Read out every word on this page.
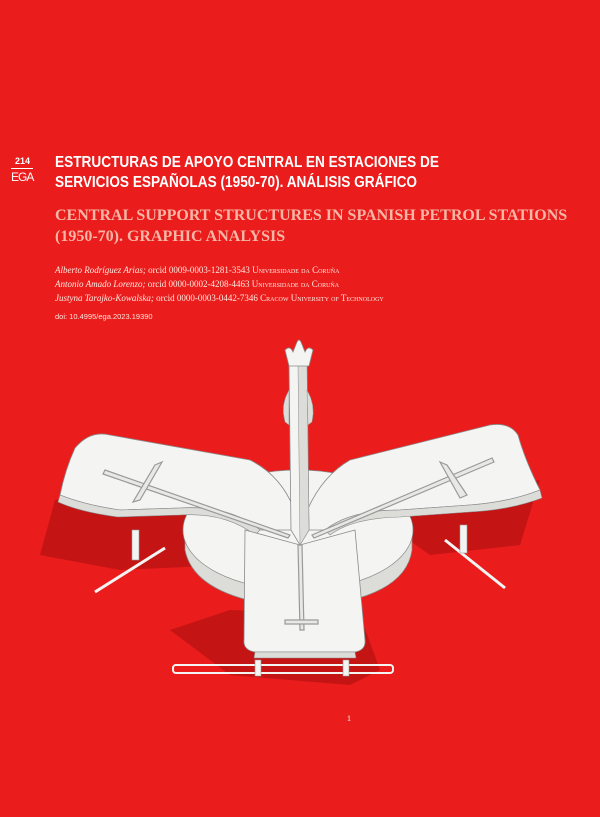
214
EGA
ESTRUCTURAS DE APOYO CENTRAL EN ESTACIONES DE SERVICIOS ESPAÑOLAS (1950-70). ANÁLISIS GRÁFICO
CENTRAL SUPPORT STRUCTURES IN SPANISH PETROL STATIONS (1950-70). GRAPHIC ANALYSIS
Alberto Rodríguez Arias; orcid 0009-0003-1281-3543 Universidade da Coruña
Antonio Amado Lorenzo; orcid 0000-0002-4208-4463 Universidade da Coruña
Justyna Tarajko-Kowalska; orcid 0000-0003-0442-7346 Cracow University of Technology
doi: 10.4995/ega.2023.19390
1
